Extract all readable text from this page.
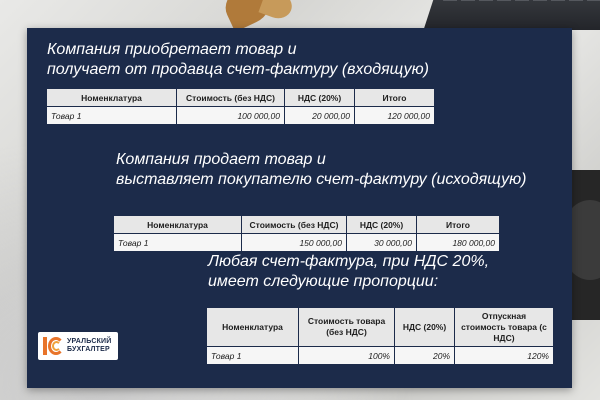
Компания приобретает товар и
получает от продавца счет-фактуру (входящую)

Номенклатура	Стоимость (без НДС)	НДС (20%)	Итого
Товар 1	100 000,00	20 000,00	120 000,00

Компания продает товар и
выставляет покупателю счет-фактуру (исходящую)

Номенклатура	Стоимость (без НДС)	НДС (20%)	Итого
Товар 1	150 000,00	30 000,00	180 000,00

Любая счет-фактура, при НДС 20%,
имеет следующие пропорции:

Номенклатура	Стоимость товара (без НДС)	НДС (20%)	Отпускная стоимость товара (с НДС)
Товар 1	100%	20%	120%
УРАЛЬСКИЙ
БУХГАЛТЕР
